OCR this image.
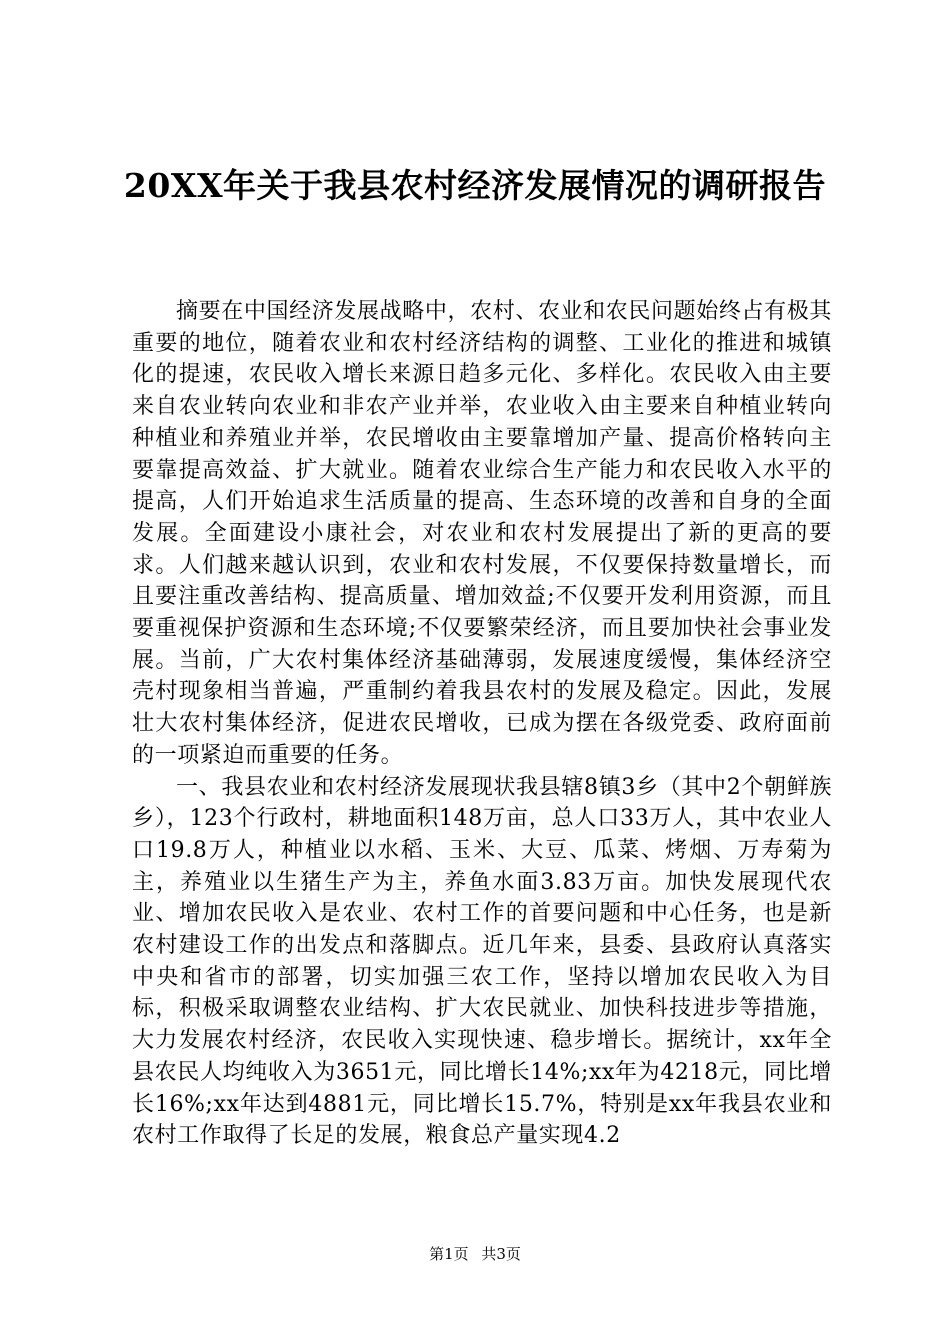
20XX年关于我县农村经济发展情况的调研报告

摘要在中国经济发展战略中，农村、农业和农民问题始终占有极其重要的地位，随着农业和农村经济结构的调整、工业化的推进和城镇化的提速，农民收入增长来源日趋多元化、多样化。农民收入由主要来自农业转向农业和非农产业并举，农业收入由主要来自种植业转向种植业和养殖业并举，农民增收由主要靠增加产量、提高价格转向主要靠提高效益、扩大就业。随着农业综合生产能力和农民收入水平的提高，人们开始追求生活质量的提高、生态环境的改善和自身的全面发展。全面建设小康社会，对农业和农村发展提出了新的更高的要求。人们越来越认识到，农业和农村发展，不仅要保持数量增长，而且要注重改善结构、提高质量、增加效益;不仅要开发利用资源，而且要重视保护资源和生态环境;不仅要繁荣经济，而且要加快社会事业发展。当前，广大农村集体经济基础薄弱，发展速度缓慢，集体经济空壳村现象相当普遍，严重制约着我县农村的发展及稳定。因此，发展壮大农村集体经济，促进农民增收，已成为摆在各级党委、政府面前的一项紧迫而重要的任务。

一、我县农业和农村经济发展现状我县辖8镇3乡（其中2个朝鲜族乡），123个行政村，耕地面积148万亩，总人口33万人，其中农业人口19.8万人，种植业以水稻、玉米、大豆、瓜菜、烤烟、万寿菊为主，养殖业以生猪生产为主，养鱼水面3.83万亩。加快发展现代农业、增加农民收入是农业、农村工作的首要问题和中心任务，也是新农村建设工作的出发点和落脚点。近几年来，县委、县政府认真落实中央和省市的部署，切实加强三农工作，坚持以增加农民收入为目标，积极采取调整农业结构、扩大农民就业、加快科技进步等措施，大力发展农村经济，农民收入实现快速、稳步增长。据统计，xx年全县农民人均纯收入为3651元，同比增长14%;xx年为4218元，同比增长16%;xx年达到4881元，同比增长15.7%，特别是xx年我县农业和农村工作取得了长足的发展，粮食总产量实现4.2

第1页 共3页
